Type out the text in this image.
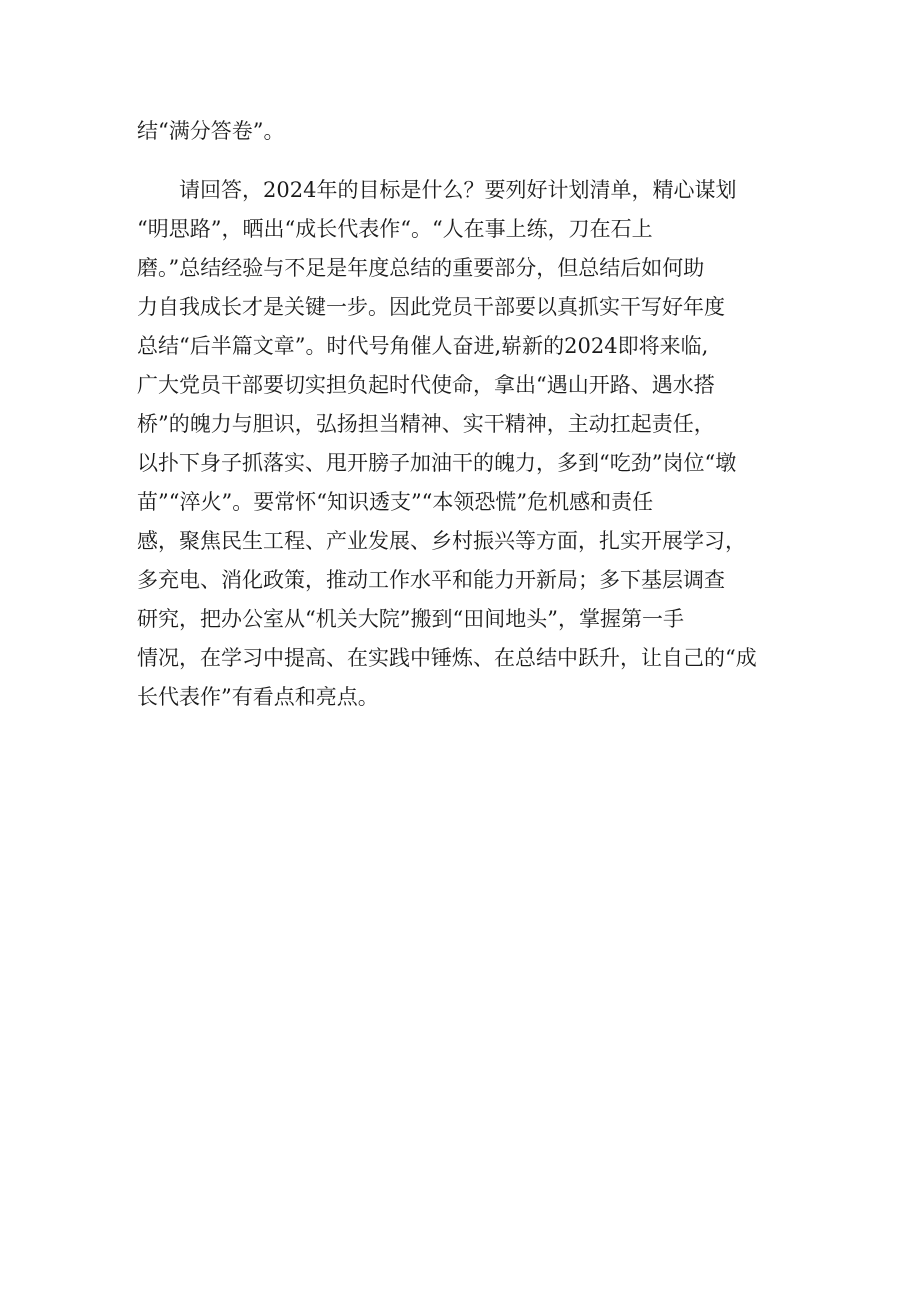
结“满分答卷”。
请回答，2024年的目标是什么？要列好计划清单，精心谋划
“明思路”，晒出“成长代表作“。“人在事上练，刀在石上
磨。”总结经验与不足是年度总结的重要部分，但总结后如何助
力自我成长才是关键一步。因此党员干部要以真抓实干写好年度
总结“后半篇文章”。时代号角催人奋进,崭新的2024即将来临,
广大党员干部要切实担负起时代使命，拿出“遇山开路、遇水搭
桥”的魄力与胆识，弘扬担当精神、实干精神，主动扛起责任，
以扑下身子抓落实、甩开膀子加油干的魄力，多到“吃劲”岗位“墩
苗”“淬火”。要常怀“知识透支”“本领恐慌”危机感和责任
感，聚焦民生工程、产业发展、乡村振兴等方面，扎实开展学习，
多充电、消化政策，推动工作水平和能力开新局；多下基层调查
研究，把办公室从“机关大院”搬到“田间地头”，掌握第一手
情况，在学习中提高、在实践中锤炼、在总结中跃升，让自己的“成
长代表作”有看点和亮点。
